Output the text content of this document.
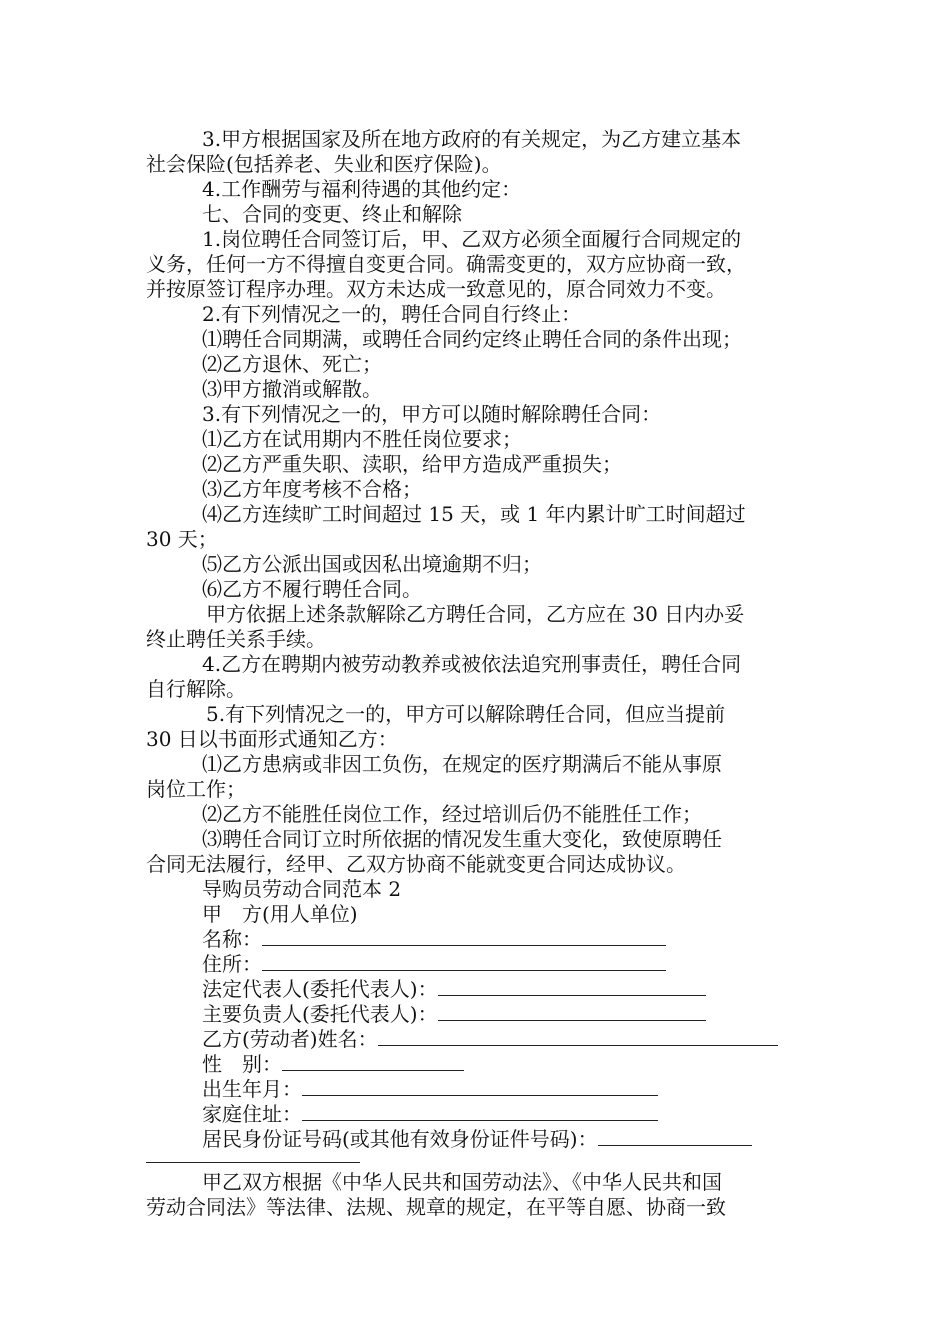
3.甲方根据国家及所在地方政府的有关规定，为乙方建立基本
社会保险(包括养老、失业和医疗保险)。
4.工作酬劳与福利待遇的其他约定：
七、合同的变更、终止和解除
1.岗位聘任合同签订后，甲、乙双方必须全面履行合同规定的
义务，任何一方不得擅自变更合同。确需变更的，双方应协商一致，
并按原签订程序办理。双方未达成一致意见的，原合同效力不变。
2.有下列情况之一的，聘任合同自行终止：
⑴聘任合同期满，或聘任合同约定终止聘任合同的条件出现；
⑵乙方退休、死亡；
⑶甲方撤消或解散。
3.有下列情况之一的，甲方可以随时解除聘任合同：
⑴乙方在试用期内不胜任岗位要求；
⑵乙方严重失职、渎职，给甲方造成严重损失；
⑶乙方年度考核不合格；
⑷乙方连续旷工时间超过 15 天，或 1 年内累计旷工时间超过
30 天；
⑸乙方公派出国或因私出境逾期不归；
⑹乙方不履行聘任合同。
甲方依据上述条款解除乙方聘任合同，乙方应在 30 日内办妥
终止聘任关系手续。
4.乙方在聘期内被劳动教养或被依法追究刑事责任，聘任合同
自行解除。
5.有下列情况之一的，甲方可以解除聘任合同，但应当提前
30 日以书面形式通知乙方：
⑴乙方患病或非因工负伤，在规定的医疗期满后不能从事原
岗位工作；
⑵乙方不能胜任岗位工作，经过培训后仍不能胜任工作；
⑶聘任合同订立时所依据的情况发生重大变化，致使原聘任
合同无法履行，经甲、乙双方协商不能就变更合同达成协议。
导购员劳动合同范本 2
甲　方(用人单位)
名称：
住所：
法定代表人(委托代表人)：
主要负责人(委托代表人)：
乙方(劳动者)姓名：
性　别：
出生年月：
家庭住址：
居民身份证号码(或其他有效身份证件号码)：
甲乙双方根据《中华人民共和国劳动法》、《中华人民共和国
劳动合同法》等法律、法规、规章的规定，在平等自愿、协商一致
